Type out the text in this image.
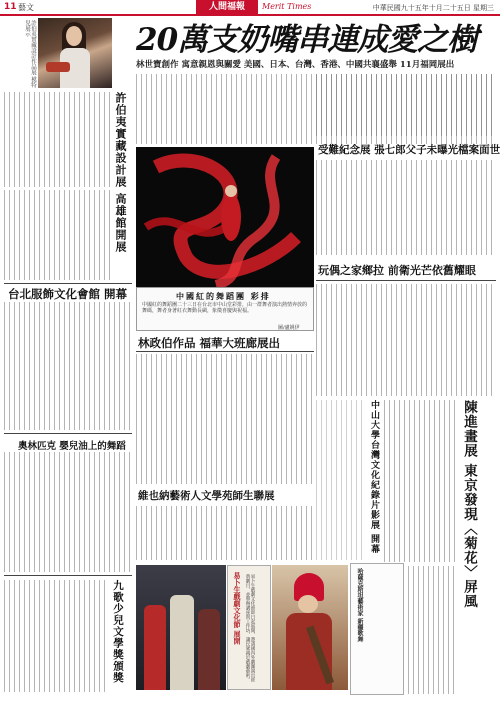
11 藝文	人間福報	Merit Times	中華民國九十五年十月二十五日 星期三
許伯夷實藏設計作品展 模特兒展示
許伯夷實藏設計展 高雄館開展
台北服飾文化會館 開幕
奧林匹克 嬰兒油上的舞蹈
九歌少兒文學獎頒獎
20萬支奶嘴串連成愛之樹
林世寶創作 寓意親恩與關愛 美國、日本、台灣、香港、中國共襄盛舉 11月福岡展出
中國紅的舞蹈團 彩排
中國紅的舞蹈團二十三日在台北市中山堂彩排，由一群舞者演出熱情奔放的舞碼，舞者身著紅衣舞動長綢，象徵喜慶與祝福。
圖/盧姚伊
林政伯作品 福華大班廊展出
維也納藝術人文學苑師生聯展
易卜生戲劇文化節 展開	易卜生戲劇文化節即日起展開，邀請國內外劇團演出經典劇目，並舉辦講座與工作坊，讓民眾親近戲劇藝術。
受難紀念展 張七郎父子未曝光檔案面世
玩偶之家鄉拉 前衛光芒依舊耀眼
中山大學台灣文化紀錄片影展 開幕	陳進畫展 東京發現〈菊花〉屏風
哈薩克斯坦藝術家 新疆歌舞
